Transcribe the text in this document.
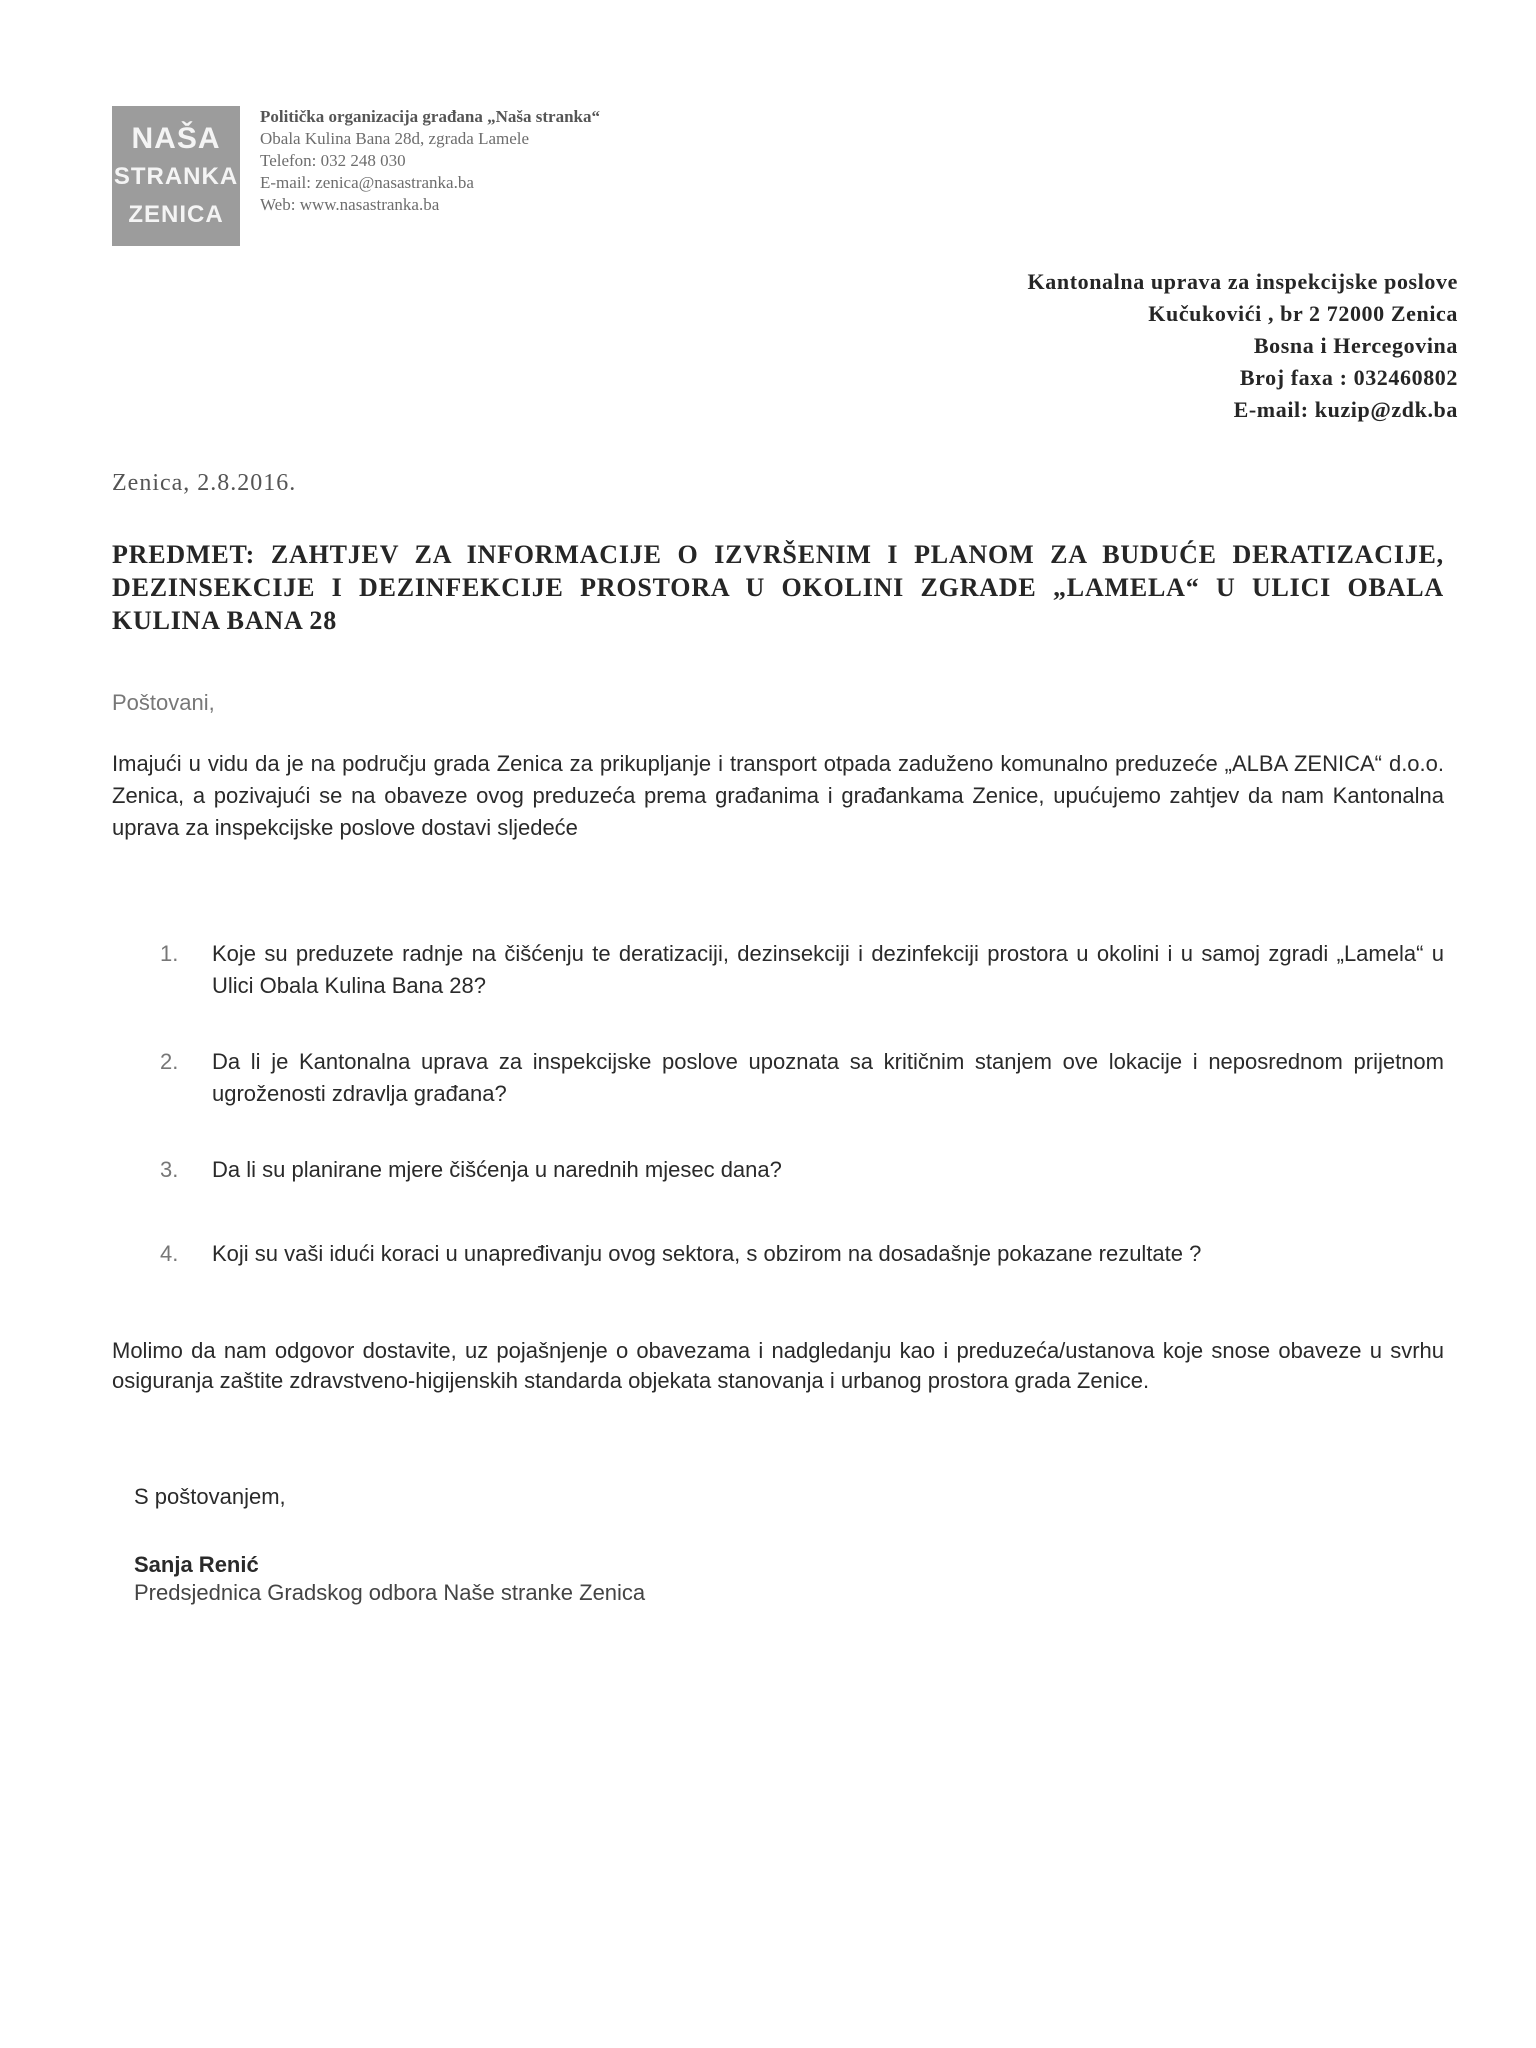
NAŠA
STRANKA
ZENICA
Politička organizacija građana „Naša stranka“
Obala Kulina Bana 28d, zgrada Lamele
Telefon: 032 248 030
E-mail: zenica@nasastranka.ba
Web: www.nasastranka.ba
Kantonalna uprava za inspekcijske poslove
Kučukovići , br 2 72000 Zenica
Bosna i Hercegovina
Broj faxa : 032460802
E-mail: kuzip@zdk.ba
Zenica, 2.8.2016.
PREDMET: ZAHTJEV ZA INFORMACIJE O IZVRŠENIM I PLANOM ZA BUDUĆE DERATIZACIJE, DEZINSEKCIJE I DEZINFEKCIJE PROSTORA U OKOLINI ZGRADE „LAMELA“ U ULICI OBALA KULINA BANA 28
Poštovani,
Imajući u vidu da je na području grada Zenica za prikupljanje i transport otpada zaduženo komunalno preduzeće „ALBA ZENICA“ d.o.o. Zenica, a pozivajući se na obaveze ovog preduzeća prema građanima i građankama Zenice, upućujemo zahtjev da nam Kantonalna uprava za inspekcijske poslove dostavi sljedeće
1. Koje su preduzete radnje na čišćenju te deratizaciji, dezinsekciji i dezinfekciji prostora u okolini i u samoj zgradi „Lamela“ u Ulici Obala Kulina Bana 28?
2. Da li je Kantonalna uprava za inspekcijske poslove upoznata sa kritičnim stanjem ove lokacije i neposrednom prijetnom ugroženosti zdravlja građana?
3. Da li su planirane mjere čišćenja u narednih mjesec dana?
4. Koji su vaši idući koraci u unapređivanju ovog sektora, s obzirom na dosadašnje pokazane rezultate ?
Molimo da nam odgovor dostavite, uz pojašnjenje o obavezama i nadgledanju kao i preduzeća/ustanova koje snose obaveze u svrhu osiguranja zaštite zdravstveno-higijenskih standarda objekata stanovanja i urbanog prostora grada Zenice.
S poštovanjem,
Sanja Renić
Predsjednica Gradskog odbora Naše stranke Zenica
